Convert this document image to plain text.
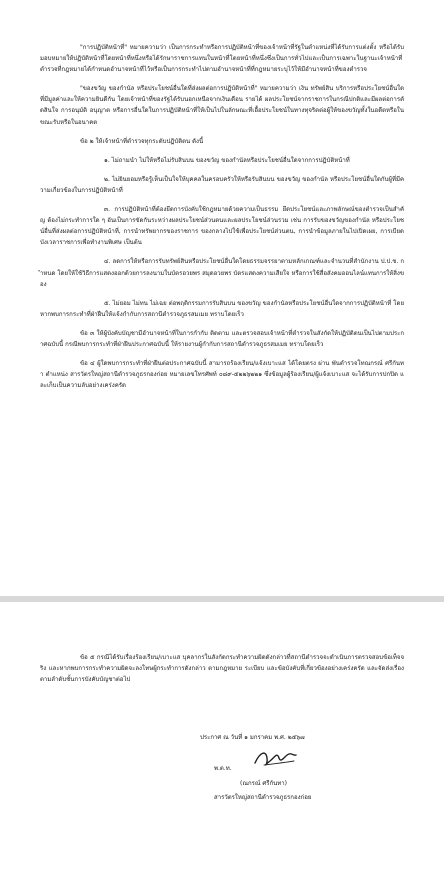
"การปฏิบัติหน้าที่" หมายความว่า เป็นการกระทำหรือการปฏิบัติหน้าที่ของเจ้าหน้าที่รัฐในตำแหน่งที่ได้รับการแต่งตั้ง หรือได้รับมอบหมายให้ปฏิบัติหน้าที่โดยหน้าที่หนึ่งหรือได้รักษาราชการแทนในหน้าที่โดยหน้าที่หนึ่งซึ่งเป็นการทั่วไปและเป็นการเฉพาะในฐานะเจ้าหน้าที่ตำรวจที่กฎหมายได้กำหนดอำนาจหน้าที่ไว้หรือเป็นการกระทำไปตามอำนาจหน้าที่ที่กฎหมายระบุไว้ให้มีอำนาจหน้าที่ของตำรวจ

"ของขวัญ ของกำนัล หรือประโยชน์อื่นใดที่ส่งผลต่อการปฏิบัติหน้าที่" หมายความว่า เงิน ทรัพย์สิน บริการหรือประโยชน์อื่นใดที่มีมูลค่าและให้ความยินดีกัน โดยเจ้าหน้าที่ของรัฐได้รับนอกเหนือจากเงินเดือน รายได้ ผลประโยชน์จากราชการในกรณีปกติและมีผลต่อการตัดสินใจ การอนุมัติ อนุญาต หรือการอื่นใดในการปฏิบัติหน้าที่ให้เป็นไปในลักษณะที่เอื้อประโยชน์ในทางทุจริตต่อผู้ให้ของขวัญทั้งในอดีตหรือในขณะรับหรือในอนาคต

ข้อ ๒ ให้เจ้าหน้าที่ตำรวจทุกระดับปฏิบัติตน ดังนี้

๑. ไม่ถามนำ ไม่ให้หรือไม่รับสินบน ของขวัญ ของกำนัลหรือประโยชน์อื่นใดจากการปฏิบัติหน้าที่

๒. ไม่ยินยอมหรือรู้เห็นเป็นใจให้บุคคลในครอบครัวให้หรือรับสินบน ของขวัญ ของกำนัล หรือประโยชน์อื่นใดกับผู้ที่มีความเกี่ยวข้องในการปฏิบัติหน้าที่

๓. การปฏิบัติหน้าที่ต้องยึดการบังคับใช้กฎหมายด้วยความเป็นธรรม ยึดประโยชน์และภาพลักษณ์ของตำรวจเป็นสำคัญ ต้องไม่กระทำการใด ๆ อันเป็นการขัดกันระหว่างผลประโยชน์ส่วนตนและผลประโยชน์ส่วนรวม เช่น การรับของขวัญของกำนัล หรือประโยชน์อื่นที่ส่งผลต่อการปฏิบัติหน้าที่, การนำทรัพยากรของราชการ ของกลางไปใช้เพื่อประโยชน์ส่วนตน, การนำข้อมูลภายในไปเปิดเผย, การเบียดบังเวลาราชการเพื่อทำงานพิเศษ เป็นต้น

๔. ลดการให้หรือการรับทรัพย์สินหรือประโยชน์อื่นใดโดยธรรมจรรยาตามหลักเกณฑ์และจำนวนที่สำนักงาน ป.ป.ช. กำหนด โดยให้ใช้วิธีการแสดงออกด้วยการลงนามในบัตรอวยพร สมุดอวยพร บัตรแสดงความเสียใจ หรือการใช้สื่อสังคมออนไลน์แทนการให้สิ่งของ

๕. ไม่ยอม ไม่ทน ไม่เฉย ต่อพฤติกรรมการรับสินบน ของขวัญ ของกำนัลหรือประโยชน์อื่นใดจากการปฏิบัติหน้าที่ โดยหากพบการกระทำที่ฝ่าฝืนให้แจ้งกำกับการสถานีตำรวจภูธรสมเมย ทราบโดยเร็ว

ข้อ ๓ ให้ผู้บังคับบัญชามีอำนาจหน้าที่ในการกำกับ ติดตาม และตรวจสอบเจ้าหน้าที่ตำรวจในสังกัดให้ปฏิบัติตนเป็นไปตามประกาศฉบับนี้ กรณีพบการกระทำที่ฝ่าฝืนประกาศฉบับนี้ ให้รายงานผู้กำกับการสถานีตำรวจภูธรสมเมย ทราบโดยเร็ว

ข้อ ๔ ผู้ใดพบการกระทำที่ฝ่าฝืนต่อประกาศฉบับนี้ สามารถร้องเรียน/แจ้งเบาะแส ได้โดยตรง ผ่าน พันตำรวจโทณกรณ์ ศรีกันทา ตำแหน่ง สารวัตรใหญ่สถานีตำรวจภูธรกองก่อย หมายเลขโทรศัพท์ ๐๘๙-๕๒๒๖๒๒๑ ซึ่งข้อมูลผู้ร้องเรียน/ผู้แจ้งเบาะแส จะได้รับการปกปิด และเก็บเป็นความลับอย่างเคร่งครัด

ข้อ ๕ กรณีได้รับเรื่องร้องเรียน/เบาะแส บุคลากรในสังกัดกระทำความผิดดังกล่าวที่สถานีตำรวจจะดำเนินการตรวจสอบข้อเท็จจริง และหากพบการกระทำความผิดจะลงโทษผู้กระทำการดังกล่าว ตามกฎหมาย ระเบียบ และข้อบังคับที่เกี่ยวข้องอย่างเคร่งครัด และจัดส่งเรื่องตามลำดับชั้นการบังคับบัญชาต่อไป

ประกาศ ณ วันที่ ๑ มกราคม พ.ศ. ๒๕๖๗
พ.ต.ท.
(ณกรณ์ ศรีกันทา)
สารวัตรใหญ่สถานีตำรวจภูธรกองก่อย
